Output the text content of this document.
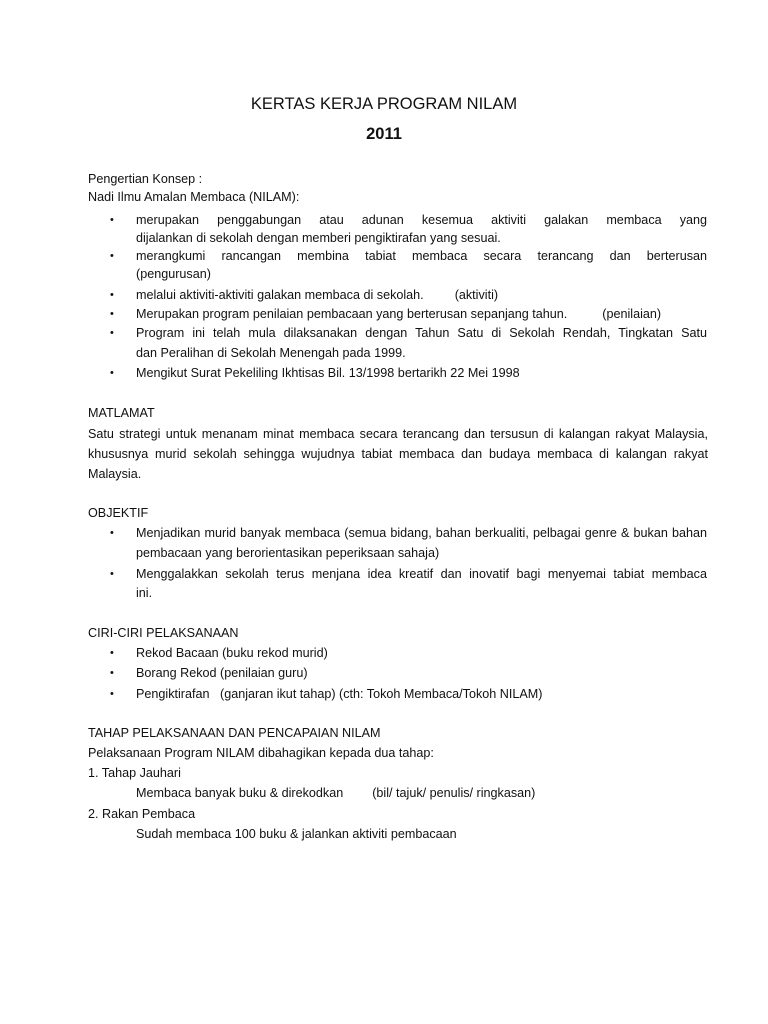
KERTAS KERJA PROGRAM NILAM
2011
Pengertian Konsep :
Nadi Ilmu Amalan Membaca (NILAM):
•	merupakan penggabungan atau adunan kesemua aktiviti galakan membaca yang
dijalankan di sekolah dengan memberi pengiktirafan yang sesuai.
•	merangkumi rancangan membina tabiat membaca secara terancang dan berterusan
(pengurusan)
•	melalui aktiviti-aktiviti galakan membaca di sekolah. (aktiviti)
•	Merupakan program penilaian pembacaan yang berterusan sepanjang tahun.	(penilaian)
•	Program ini telah mula dilaksanakan dengan Tahun Satu di Sekolah Rendah, Tingkatan Satu
dan Peralihan di Sekolah Menengah pada 1999.
•	Mengikut Surat Pekeliling Ikhtisas Bil. 13/1998 bertarikh 22 Mei 1998
MATLAMAT
Satu strategi untuk menanam minat membaca secara terancang dan tersusun di kalangan rakyat Malaysia,
khususnya murid sekolah sehingga wujudnya tabiat membaca dan budaya membaca di kalangan rakyat
Malaysia.
OBJEKTIF
•	Menjadikan murid banyak membaca (semua bidang, bahan berkualiti, pelbagai genre & bukan bahan
pembacaan yang berorientasikan peperiksaan sahaja)
•	Menggalakkan sekolah terus menjana idea kreatif dan inovatif bagi menyemai tabiat membaca
ini.
CIRI-CIRI PELAKSANAAN
•	Rekod Bacaan (buku rekod murid)
•	Borang Rekod (penilaian guru)
•	Pengiktirafan   (ganjaran ikut tahap) (cth: Tokoh Membaca/Tokoh NILAM)
TAHAP PELAKSANAAN DAN PENCAPAIAN NILAM
Pelaksanaan Program NILAM dibahagikan kepada dua tahap:
1. Tahap Jauhari
Membaca banyak buku & direkodkan (bil/ tajuk/ penulis/ ringkasan)
2. Rakan Pembaca
Sudah membaca 100 buku & jalankan aktiviti pembacaan
